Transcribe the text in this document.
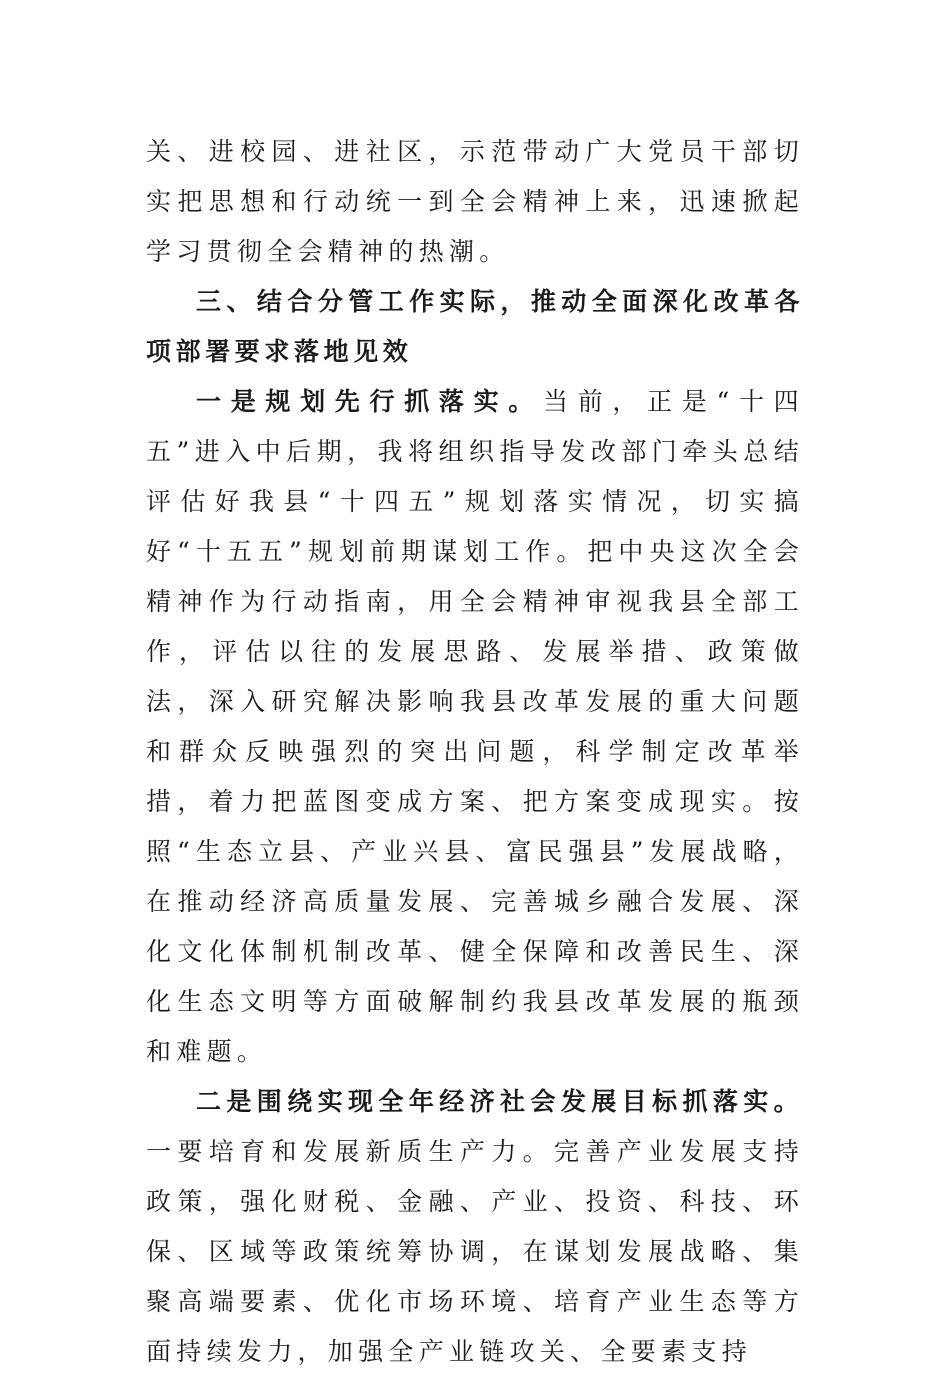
关、进校园、进社区，示范带动广大党员干部切实把思想和行动统一到全会精神上来，迅速掀起学习贯彻全会精神的热潮。

三、结合分管工作实际，推动全面深化改革各项部署要求落地见效

一是规划先行抓落实。当前，正是“十四五”进入中后期，我将组织指导发改部门牵头总结评估好我县“十四五”规划落实情况，切实搞好“十五五”规划前期谋划工作。把中央这次全会精神作为行动指南，用全会精神审视我县全部工作，评估以往的发展思路、发展举措、政策做法，深入研究解决影响我县改革发展的重大问题和群众反映强烈的突出问题，科学制定改革举措，着力把蓝图变成方案、把方案变成现实。按照“生态立县、产业兴县、富民强县”发展战略，在推动经济高质量发展、完善城乡融合发展、深化文化体制机制改革、健全保障和改善民生、深化生态文明等方面破解制约我县改革发展的瓶颈和难题。

二是围绕实现全年经济社会发展目标抓落实。一要培育和发展新质生产力。完善产业发展支持政策，强化财税、金融、产业、投资、科技、环保、区域等政策统筹协调，在谋划发展战略、集聚高端要素、优化市场环境、培育产业生态等方面持续发力，加强全产业链攻关、全要素支持
